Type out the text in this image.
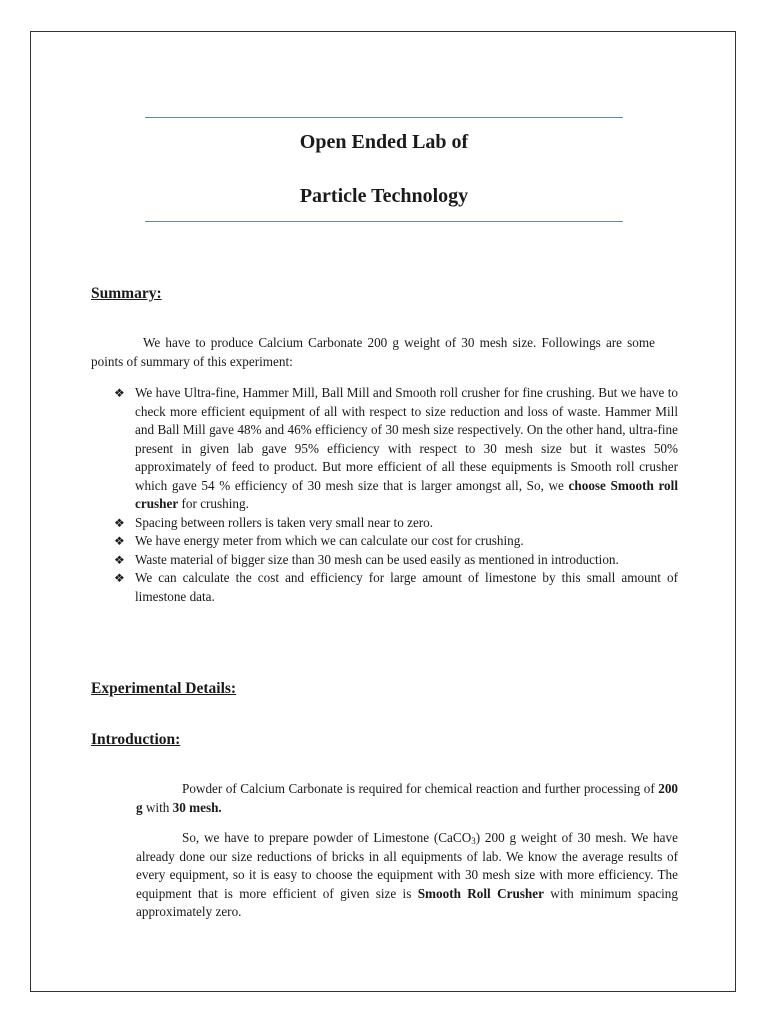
Open Ended Lab of
Particle Technology
Summary:
We have to produce Calcium Carbonate 200 g weight of 30 mesh size. Followings are some points of summary of this experiment:
❖ We have Ultra-fine, Hammer Mill, Ball Mill and Smooth roll crusher for fine crushing. But we have to check more efficient equipment of all with respect to size reduction and loss of waste. Hammer Mill and Ball Mill gave 48% and 46% efficiency of 30 mesh size respectively. On the other hand, ultra-fine present in given lab gave 95% efficiency with respect to 30 mesh size but it wastes 50% approximately of feed to product. But more efficient of all these equipments is Smooth roll crusher which gave 54 % efficiency of 30 mesh size that is larger amongst all, So, we choose Smooth roll crusher for crushing.
❖ Spacing between rollers is taken very small near to zero.
❖ We have energy meter from which we can calculate our cost for crushing.
❖ Waste material of bigger size than 30 mesh can be used easily as mentioned in introduction.
❖ We can calculate the cost and efficiency for large amount of limestone by this small amount of limestone data.
Experimental Details:
Introduction:
Powder of Calcium Carbonate is required for chemical reaction and further processing of 200 g with 30 mesh.
So, we have to prepare powder of Limestone (CaCO$_3$) 200 g weight of 30 mesh. We have already done our size reductions of bricks in all equipments of lab. We know the average results of every equipment, so it is easy to choose the equipment with 30 mesh size with more efficiency. The equipment that is more efficient of given size is Smooth Roll Crusher with minimum spacing approximately zero.
